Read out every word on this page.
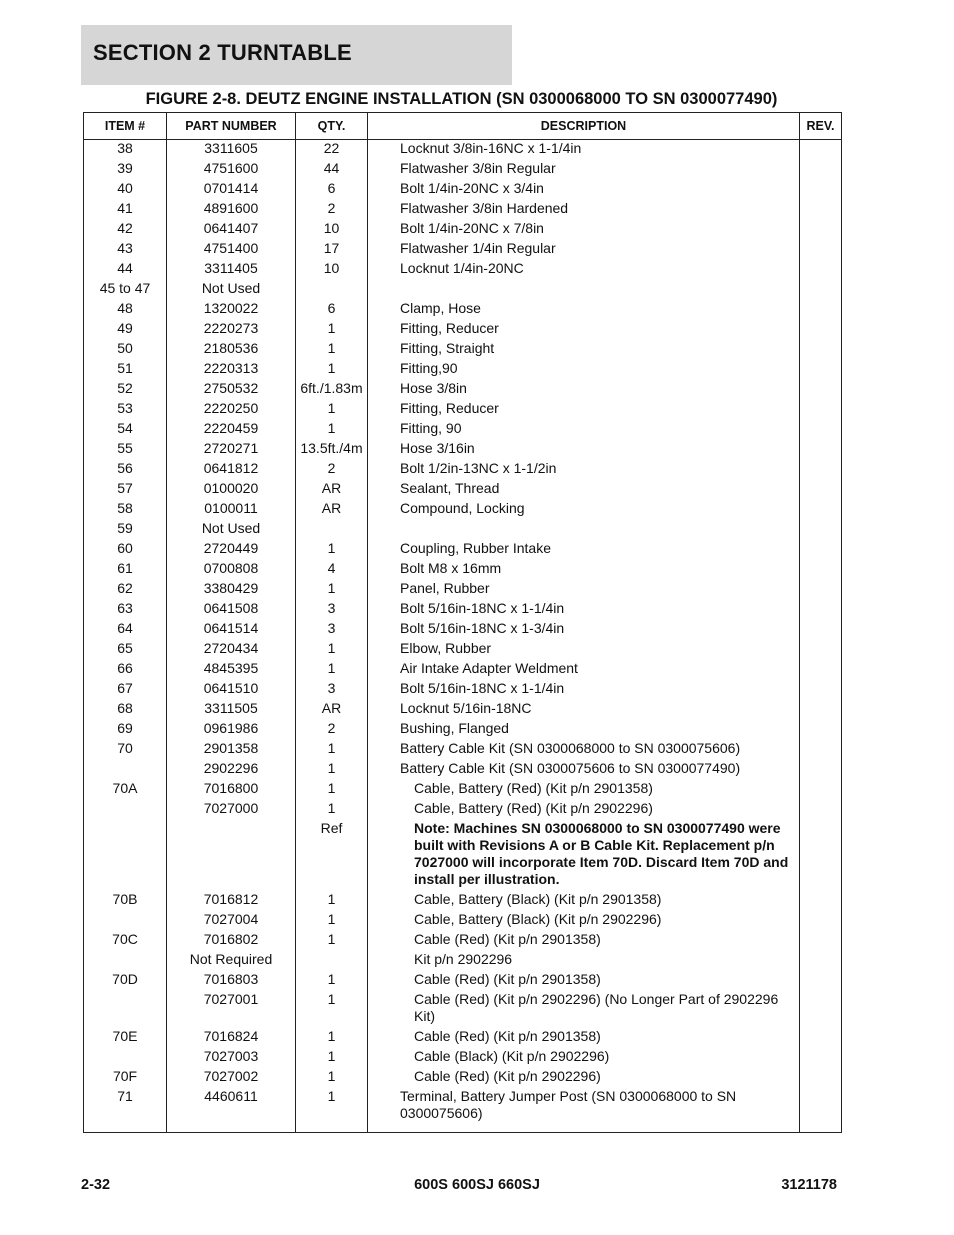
SECTION 2 TURNTABLE
FIGURE 2-8. DEUTZ ENGINE INSTALLATION (SN 0300068000 TO SN 0300077490)
ITEM #	PART NUMBER	QTY.	DESCRIPTION	REV.
38	3311605	22	Locknut 3/8in-16NC x 1-1/4in	
39	4751600	44	Flatwasher 3/8in Regular	
40	0701414	6	Bolt 1/4in-20NC x 3/4in	
41	4891600	2	Flatwasher 3/8in Hardened	
42	0641407	10	Bolt 1/4in-20NC x 7/8in	
43	4751400	17	Flatwasher 1/4in Regular	
44	3311405	10	Locknut 1/4in-20NC	
45 to 47	Not Used			
48	1320022	6	Clamp, Hose	
49	2220273	1	Fitting, Reducer	
50	2180536	1	Fitting, Straight	
51	2220313	1	Fitting,90	
52	2750532	6ft./1.83m	Hose 3/8in	
53	2220250	1	Fitting, Reducer	
54	2220459	1	Fitting, 90	
55	2720271	13.5ft./4m	Hose 3/16in	
56	0641812	2	Bolt 1/2in-13NC x 1-1/2in	
57	0100020	AR	Sealant, Thread	
58	0100011	AR	Compound, Locking	
59	Not Used			
60	2720449	1	Coupling, Rubber Intake	
61	0700808	4	Bolt M8 x 16mm	
62	3380429	1	Panel, Rubber	
63	0641508	3	Bolt 5/16in-18NC x 1-1/4in	
64	0641514	3	Bolt 5/16in-18NC x 1-3/4in	
65	2720434	1	Elbow, Rubber	
66	4845395	1	Air Intake Adapter Weldment	
67	0641510	3	Bolt 5/16in-18NC x 1-1/4in	
68	3311505	AR	Locknut 5/16in-18NC	
69	0961986	2	Bushing, Flanged	
70	2901358	1	Battery Cable Kit (SN 0300068000 to SN 0300075606)	
	2902296	1	Battery Cable Kit (SN 0300075606 to SN 0300077490)	
70A	7016800	1	Cable, Battery (Red) (Kit p/n 2901358)	
	7027000	1	Cable, Battery (Red) (Kit p/n 2902296)	
		Ref	Note: Machines SN 0300068000 to SN 0300077490 were built with Revisions A or B Cable Kit. Replacement p/n 7027000 will incorporate Item 70D. Discard Item 70D and install per illustration.	
70B	7016812	1	Cable, Battery (Black) (Kit p/n 2901358)	
	7027004	1	Cable, Battery (Black) (Kit p/n 2902296)	
70C	7016802	1	Cable (Red) (Kit p/n 2901358)	
	Not Required		Kit p/n 2902296	
70D	7016803	1	Cable (Red) (Kit p/n 2901358)	
	7027001	1	Cable (Red) (Kit p/n 2902296) (No Longer Part of 2902296 Kit)	
70E	7016824	1	Cable (Red) (Kit p/n 2901358)	
	7027003	1	Cable (Black) (Kit p/n 2902296)	
70F	7027002	1	Cable (Red) (Kit p/n 2902296)	
71	4460611	1	Terminal, Battery Jumper Post (SN 0300068000 to SN 0300075606)	
2-32	600S 600SJ 660SJ	3121178
